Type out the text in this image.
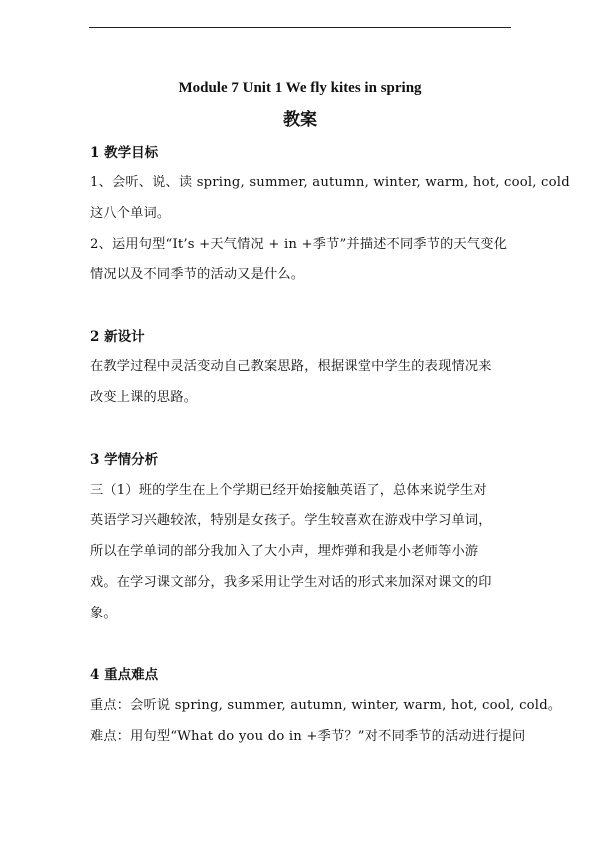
Module 7 Unit 1 We fly kites in spring
教案
1 教学目标
1、会听、说、读 spring, summer, autumn, winter, warm, hot, cool, cold
这八个单词。
2、运用句型“It’s +天气情况 + in +季节”并描述不同季节的天气变化
情况以及不同季节的活动又是什么。
2 新设计
在教学过程中灵活变动自己教案思路，根据课堂中学生的表现情况来
改变上课的思路。
3 学情分析
三（1）班的学生在上个学期已经开始接触英语了，总体来说学生对
英语学习兴趣较浓，特别是女孩子。学生较喜欢在游戏中学习单词，
所以在学单词的部分我加入了大小声，埋炸弹和我是小老师等小游
戏。在学习课文部分，我多采用让学生对话的形式来加深对课文的印
象。
4 重点难点
重点：会听说 spring, summer, autumn, winter, warm, hot, cool, cold。
难点：用句型“What do you do in +季节？”对不同季节的活动进行提问
